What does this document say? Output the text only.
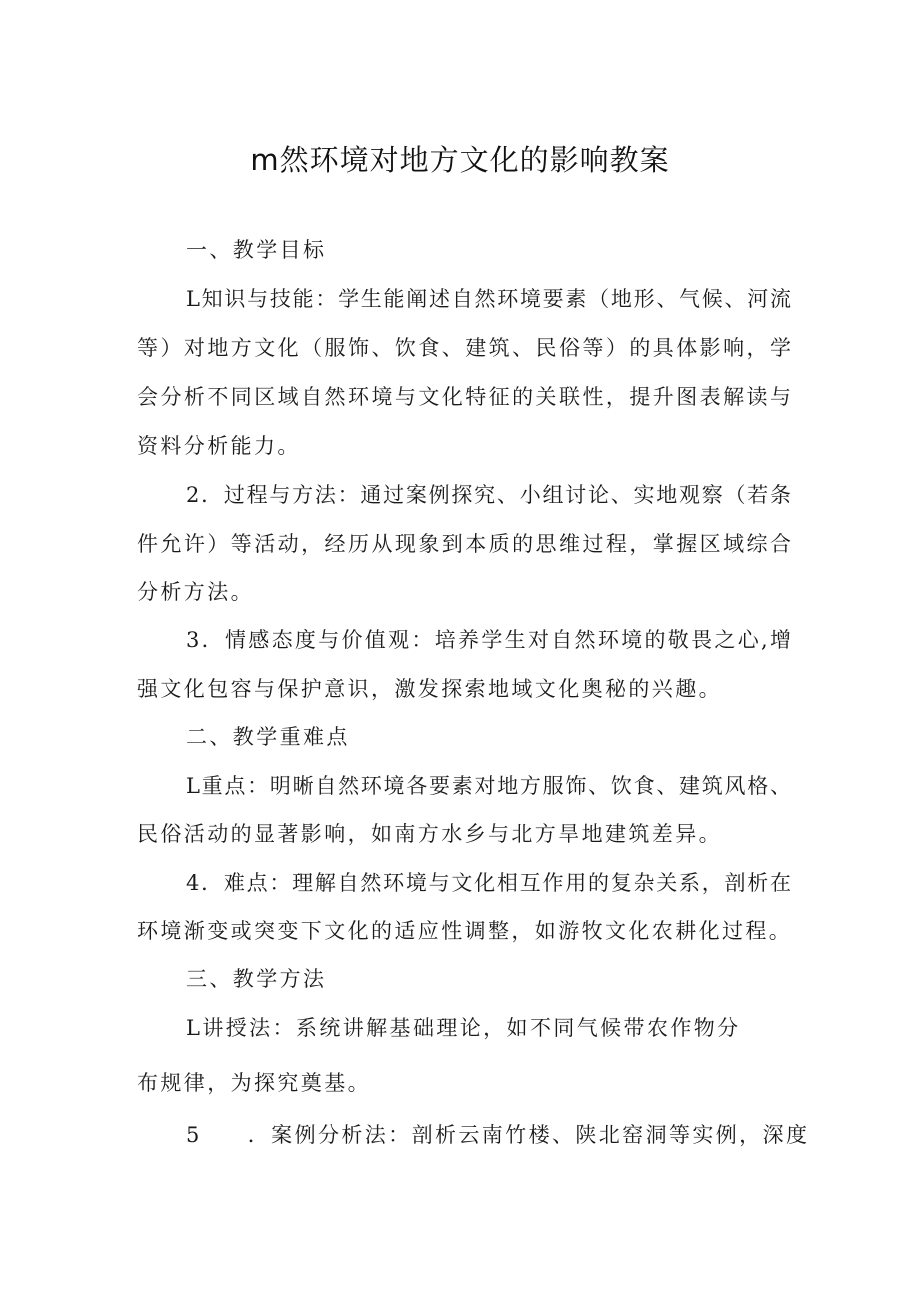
m然环境对地方文化的影响教案

一、教学目标

L知识与技能：学生能阐述自然环境要素（地形、气候、河流

等）对地方文化（服饰、饮食、建筑、民俗等）的具体影响，学

会分析不同区域自然环境与文化特征的关联性，提升图表解读与

资料分析能力。

2．过程与方法：通过案例探究、小组讨论、实地观察（若条

件允许）等活动，经历从现象到本质的思维过程，掌握区域综合

分析方法。

3．情感态度与价值观：培养学生对自然环境的敬畏之心,增

强文化包容与保护意识，激发探索地域文化奥秘的兴趣。

二、教学重难点

L重点：明晰自然环境各要素对地方服饰、饮食、建筑风格、

民俗活动的显著影响，如南方水乡与北方旱地建筑差异。

4．难点：理解自然环境与文化相互作用的复杂关系，剖析在

环境渐变或突变下文化的适应性调整，如游牧文化农耕化过程。

三、教学方法

L讲授法：系统讲解基础理论，如不同气候带农作物分

布规律，为探究奠基。

5 ．案例分析法：剖析云南竹楼、陕北窑洞等实例，深度
